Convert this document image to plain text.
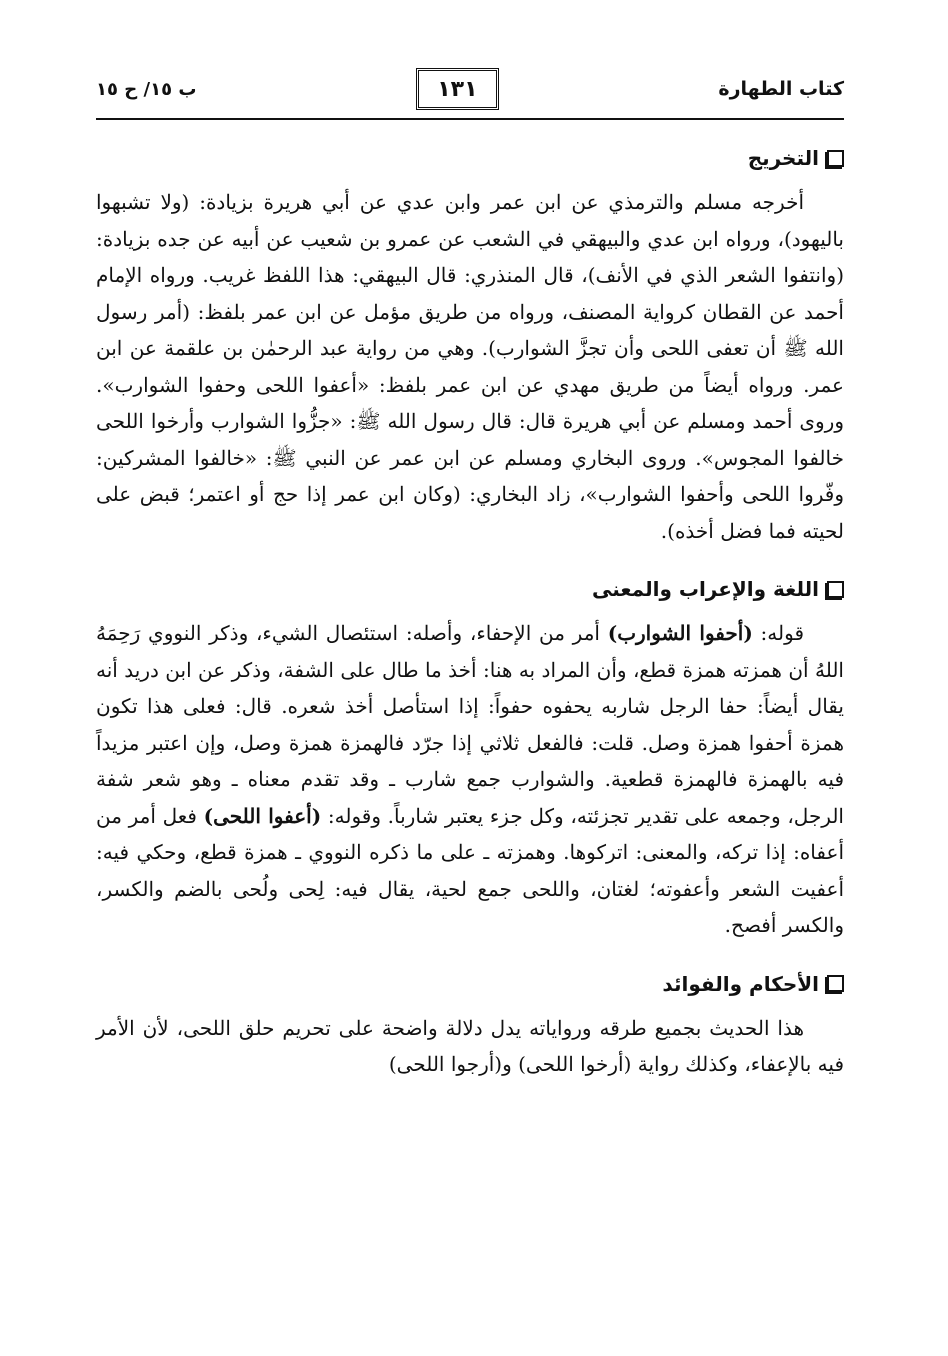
كتاب الطهارة
١٣١
ب ١٥/ ح ١٥
التخريج

أخرجه مسلم والترمذي عن ابن عمر وابن عدي عن أبي هريرة بزيادة: (ولا تشبهوا باليهود)، ورواه ابن عدي والبيهقي في الشعب عن عمرو بن شعيب عن أبيه عن جده بزيادة: (وانتفوا الشعر الذي في الأنف)، قال المنذري: قال البيهقي: هذا اللفظ غريب. ورواه الإمام أحمد عن القطان كرواية المصنف، ورواه من طريق مؤمل عن ابن عمر بلفظ: (أمر رسول الله ﷺ أن تعفى اللحى وأن تجزَّ الشوارب). وهي من رواية عبد الرحمٰن بن علقمة عن ابن عمر. ورواه أيضاً من طريق مهدي عن ابن عمر بلفظ: «أعفوا اللحى وحفوا الشوارب». وروى أحمد ومسلم عن أبي هريرة قال: قال رسول الله ﷺ: «جزُّوا الشوارب وأرخوا اللحى خالفوا المجوس». وروى البخاري ومسلم عن ابن عمر عن النبي ﷺ: «خالفوا المشركين: وفّروا اللحى وأحفوا الشوارب»، زاد البخاري: (وكان ابن عمر إذا حج أو اعتمر؛ قبض على لحيته فما فضل أخذه).

اللغة والإعراب والمعنى

قوله: (أحفوا الشوارب) أمر من الإحفاء، وأصله: استئصال الشيء، وذكر النووي رَحِمَهُ اللهُ أن همزته همزة قطع، وأن المراد به هنا: أخذ ما طال على الشفة، وذكر عن ابن دريد أنه يقال أيضاً: حفا الرجل شاربه يحفوه حفواً: إذا استأصل أخذ شعره. قال: فعلى هذا تكون همزة أحفوا همزة وصل. قلت: فالفعل ثلاثي إذا جرّد فالهمزة همزة وصل، وإن اعتبر مزيداً فيه بالهمزة فالهمزة قطعية. والشوارب جمع شارب ـ وقد تقدم معناه ـ وهو شعر شفة الرجل، وجمعه على تقدير تجزئته، وكل جزء يعتبر شارباً. وقوله: (أعفوا اللحى) فعل أمر من أعفاه: إذا تركه، والمعنى: اتركوها. وهمزته ـ على ما ذكره النووي ـ همزة قطع، وحكي فيه: أعفيت الشعر وأعفوته؛ لغتان، واللحى جمع لحية، يقال فيه: لِحى ولُحى بالضم والكسر، والكسر أفصح.

الأحكام والفوائد

هذا الحديث بجميع طرقه ورواياته يدل دلالة واضحة على تحريم حلق اللحى، لأن الأمر فيه بالإعفاء، وكذلك رواية (أرخوا اللحى) و(أرجوا اللحى)
